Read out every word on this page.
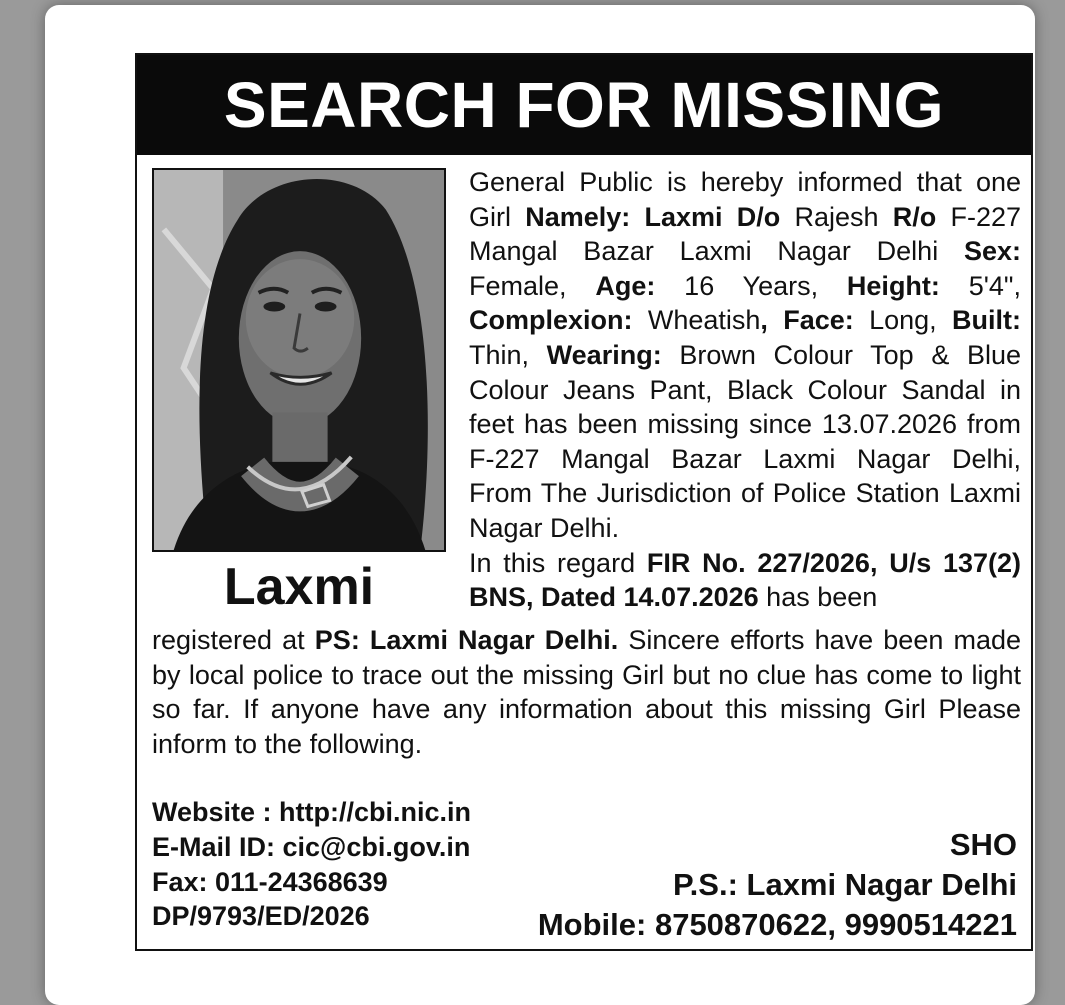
SEARCH FOR MISSING
Laxmi

General Public is hereby informed that one Girl Namely: Laxmi D/o Rajesh R/o F-227 Mangal Bazar Laxmi Nagar Delhi Sex: Female, Age: 16 Years, Height: 5'4", Complexion: Wheatish, Face: Long, Built: Thin, Wearing: Brown Colour Top & Blue Colour Jeans Pant, Black Colour Sandal in feet has been missing since 13.07.2026 from F-227 Mangal Bazar Laxmi Nagar Delhi, From The Jurisdiction of Police Station Laxmi Nagar Delhi.

In this regard FIR No. 227/2026, U/s 137(2) BNS, Dated 14.07.2026 has been

registered at PS: Laxmi Nagar Delhi. Sincere efforts have been made by local police to trace out the missing Girl but no clue has come to light so far. If anyone have any information about this missing Girl Please inform to the following.

Website : http://cbi.nic.in
E-Mail ID: cic@cbi.gov.in
Fax: 011-24368639
DP/9793/ED/2026
SHO
P.S.: Laxmi Nagar Delhi
Mobile: 8750870622, 9990514221
